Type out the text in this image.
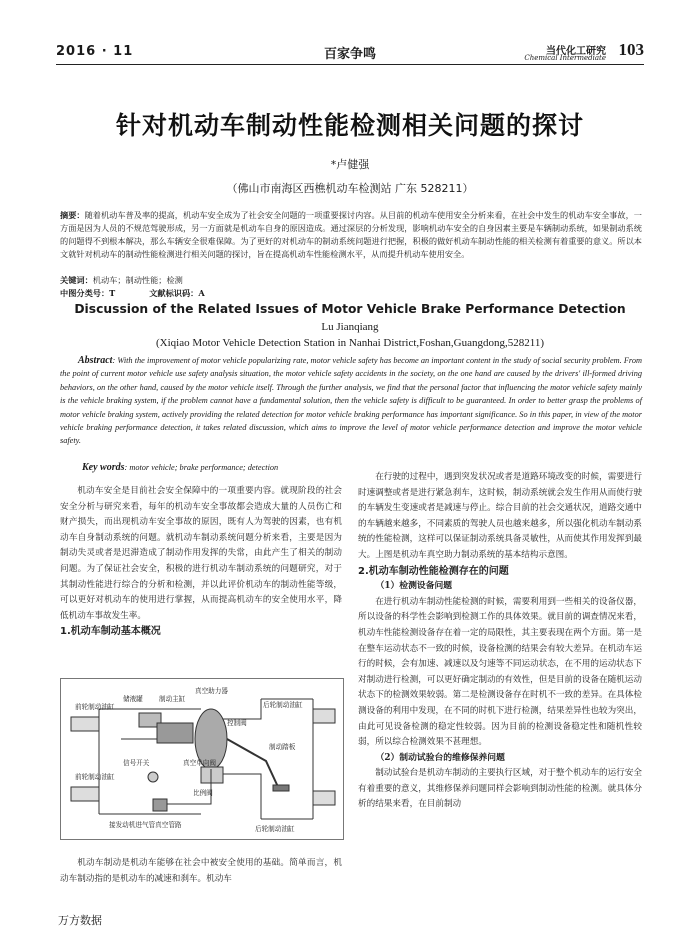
2016 · 11	百家争鸣	当代化工研究
Chemical Intermediate 103
针对机动车制动性能检测相关问题的探讨
*卢健强
（佛山市南海区西樵机动车检测站 广东 528211）
摘要：随着机动车普及率的提高，机动车安全成为了社会安全问题的一项重要探讨内容。从目前的机动车使用安全分析来看，在社会中发生的机动车安全事故，一方面是因为人员的不规范驾驶形成，另一方面就是机动车自身的原因造成。通过深层的分析发现，影响机动车安全的自身因素主要是车辆制动系统，如果制动系统的问题得不到根本解决，那么车辆安全很难保障。为了更好的对机动车的制动系统问题进行把握，积极的做好机动车制动性能的相关检测有着重要的意义。所以本文就针对机动车的制动性能检测进行相关问题的探讨，旨在提高机动车性能检测水平，从而提升机动车使用安全。
关键词：机动车；制动性能；检测
中图分类号：T	文献标识码：A
Discussion of the Related Issues of Motor Vehicle Brake Performance Detection
Lu Jianqiang
(Xiqiao Motor Vehicle Detection Station in Nanhai District,Foshan,Guangdong,528211)
Abstract: With the improvement of motor vehicle popularizing rate, motor vehicle safety has become an important content in the study of social security problem. From the point of current motor vehicle use safety analysis situation, the motor vehicle safety accidents in the society, on the one hand are caused by the drivers' ill-formed driving behaviors, on the other hand, caused by the motor vehicle itself. Through the further analysis, we find that the personal factor that influencing the motor vehicle safety mainly is the vehicle braking system, if the problem cannot have a fundamental solution, then the vehicle safety is difficult to be guaranteed. In order to better grasp the problems of motor vehicle braking system, actively providing the related detection for motor vehicle braking performance has important significance. So in this paper, in view of the motor vehicle braking performance detection, it takes related discussion, which aims to improve the level of motor vehicle performance detection and improve the motor vehicle safety.
Key words: motor vehicle; brake performance; detection

机动车安全是目前社会安全保障中的一项重要内容。就现阶段的社会安全分析与研究来看，每年的机动车安全事故都会造成大量的人员伤亡和财产损失，而出现机动车安全事故的原因，既有人为驾驶的因素，也有机动车自身制动系统的问题。就机动车制动系统问题分析来看，主要是因为制动失灵或者是迟滞造成了制动作用发挥的失常，由此产生了相关的制动问题。为了保证社会安全，积极的进行机动车制动系统的问题研究，对于其制动性能进行综合的分析和检测，并以此评价机动车的制动性能等级，可以更好对机动车的使用进行掌握，从而提高机动车的安全使用水平，降低机动车事故发生率。

1.机动车制动基本概况

前轮制动油缸
前轮制动油缸
储液罐 制动主缸
真空助力器
后轮制动油缸
控制阀
制动踏板
信号开关	真空单向阀
比例阀
接发动机进气管真空管路	后轮制动油缸

机动车制动是机动车能够在社会中被安全使用的基础。简单而言，机动车制动指的是机动车的减速和刹车。机动车

在行驶的过程中，遇到突发状况或者是道路环境改变的时候，需要进行时速调整或者是进行紧急刹车，这时候，制动系统就会发生作用从而使行驶的车辆发生变速或者是减速与停止。综合目前的社会交通状况，道路交通中的车辆越来越多，不同素质的驾驶人员也越来越多，所以强化机动车制动系统的性能检测，这样可以保证制动系统具备灵敏性，从而使其作用发挥到最大。上图是机动车真空助力制动系统的基本结构示意图。

2.机动车制动性能检测存在的问题

（1）检测设备问题

在进行机动车制动性能检测的时候，需要利用到一些相关的设备仪器，所以设备的科学性会影响到检测工作的具体效果。就目前的调查情况来看，机动车性能检测设备存在着一定的局限性，其主要表现在两个方面。第一是在整车运动状态不一致的时候，设备检测的结果会有较大差异。在机动车运行的时候，会有加速、减速以及匀速等不同运动状态，在不用的运动状态下对制动进行检测，可以更好确定制动的有效性，但是目前的设备在随机运动状态下的检测效果较弱。第二是检测设备存在时机不一致的差异。在具体检测设备的利用中发现，在不同的时机下进行检测，结果差异性也较为突出，由此可见设备检测的稳定性较弱。因为目前的检测设备稳定性和随机性较弱，所以综合检测效果不甚理想。

（2）制动试验台的维修保养问题

制动试验台是机动车制动的主要执行区域，对于整个机动车的运行安全有着重要的意义，其维修保养问题同样会影响到制动性能的检测。就具体分析的结果来看，在目前制动

万方数据
